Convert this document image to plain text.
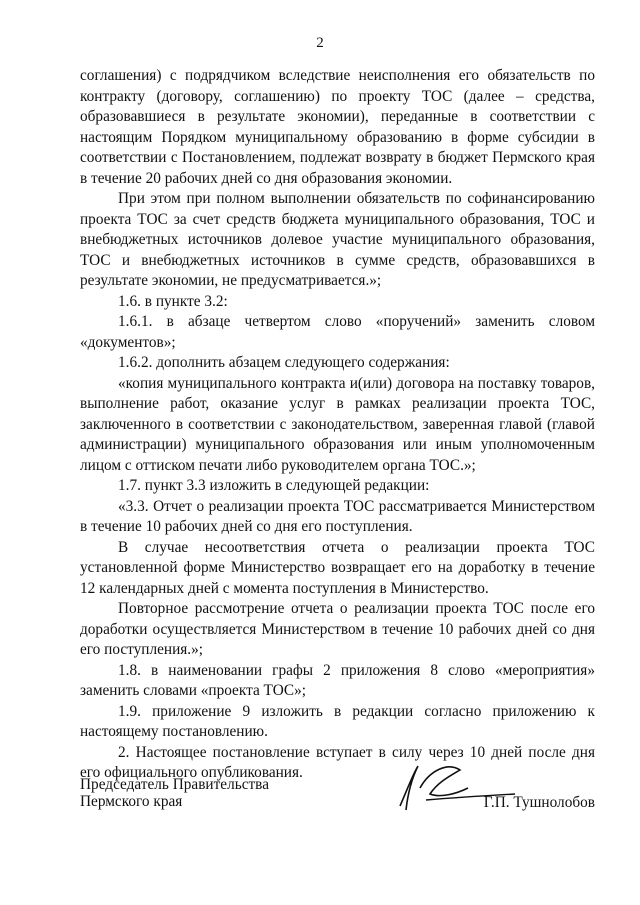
2

соглашения) с подрядчиком вследствие неисполнения его обязательств по контракту (договору, соглашению) по проекту ТОС (далее – средства, образовавшиеся в результате экономии), переданные в соответствии с настоящим Порядком муниципальному образованию в форме субсидии в соответствии с Постановлением, подлежат возврату в бюджет Пермского края в течение 20 рабочих дней со дня образования экономии.

При этом при полном выполнении обязательств по софинансированию проекта ТОС за счет средств бюджета муниципального образования, ТОС и внебюджетных источников долевое участие муниципального образования, ТОС и внебюджетных источников в сумме средств, образовавшихся в результате экономии, не предусматривается.»;

1.6. в пункте 3.2:

1.6.1. в абзаце четвертом слово «поручений» заменить словом «документов»;

1.6.2. дополнить абзацем следующего содержания:

«копия муниципального контракта и(или) договора на поставку товаров, выполнение работ, оказание услуг в рамках реализации проекта ТОС, заключенного в соответствии с законодательством, заверенная главой (главой администрации) муниципального образования или иным уполномоченным лицом с оттиском печати либо руководителем органа ТОС.»;

1.7. пункт 3.3 изложить в следующей редакции:

«3.3. Отчет о реализации проекта ТОС рассматривается Министерством в течение 10 рабочих дней со дня его поступления.

В случае несоответствия отчета о реализации проекта ТОС установленной форме Министерство возвращает его на доработку в течение 12 календарных дней с момента поступления в Министерство.

Повторное рассмотрение отчета о реализации проекта ТОС после его доработки осуществляется Министерством в течение 10 рабочих дней со дня его поступления.»;

1.8. в наименовании графы 2 приложения 8 слово «мероприятия» заменить словами «проекта ТОС»;

1.9. приложение 9 изложить в редакции согласно приложению к настоящему постановлению.

2. Настоящее постановление вступает в силу через 10 дней после дня его официального опубликования.

Председатель Правительства
Пермского края	Г.П. Тушнолобов
